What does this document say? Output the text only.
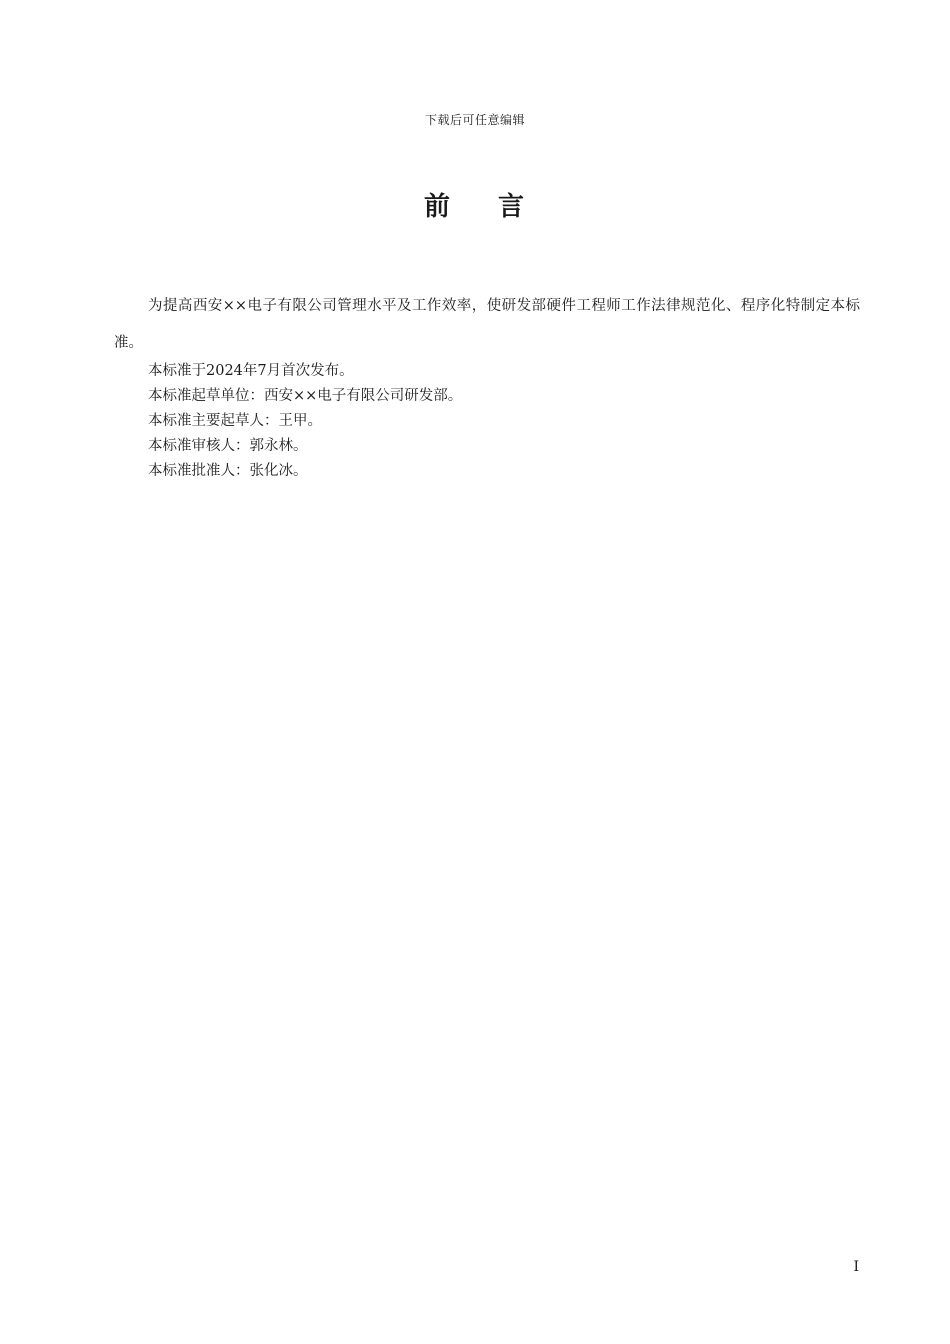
下载后可任意编辑
前 言

为提高西安××电子有限公司管理水平及工作效率，使研发部硬件工程师工作法律规范化、程序化特制定本标准。

本标准于2024年7月首次发布。

本标准起草单位：西安××电子有限公司研发部。

本标准主要起草人：王甲。

本标准审核人：郭永林。

本标准批准人：张化冰。

I
